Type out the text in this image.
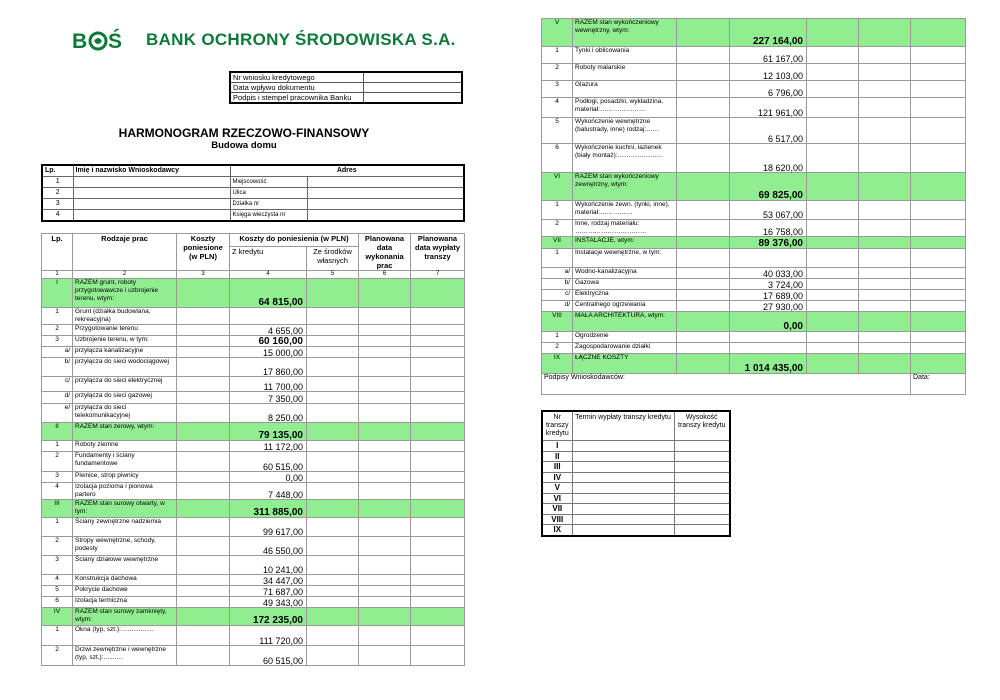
B Ś BANK OCHRONY ŚRODOWISKA S.A.
Nr wniosku kredytowego	
Data wpływu dokumentu	
Podpis i stempel pracownika Banku	
HARMONOGRAM RZECZOWO-FINANSOWY
Budowa domu
Lp.	Imię i nazwisko Wnioskodawcy	Adres	
1		Miejscowość	
2		Ulica	
3		Działka nr	
4		Księga wieczysta nr	
Lp.	Rodzaje prac	Koszty poniesione (w PLN)	Koszty do poniesienia (w PLN)		Planowana data wykonania prac	Planowana data wypłaty transzy
			Z kredytu	Ze środków własnych		
1	2	3	4	5	6	7
I	RAZEM grunt, roboty przygotowawcze i uzbrojenie terenu, wtym:		64 815,00			
1	Grunt (działka budowlana, rekreacyjna)					
2	Przygotowanie terenu		4 655,00			
3	Uzbrojenie terenu, w tym:		60 160,00			
a/	przyłącza kanalizacyjne		15 000,00			
b/	przyłącza do sieci wodociągowej		17 860,00			
c/	przyłącza do sieci elektrycznej		11 700,00			
d/	przyłącza do sieci gazowej		7 350,00			
e/	przyłącza do sieci telekomunikacyjnej		8 250,00			
II	RAZEM stan zerowy, wtym:		79 135,00			
1	Roboty ziemne		11 172,00			
2	Fundamenty i ściany fundamentowe		60 515,00			
3	Piwnice, strop piwnicy		0,00			
4	Izolacja pozioma i pionowa partero		7 448,00			
III	RAZEM stan surowy otwarty, w tym:		311 885,00			
1	Ściany zewnętrzne nadziemia		99 617,00			
2	Stropy wewnętrzne, schody, podesty		46 550,00			
3	Ściany działowe wewnętrzne		10 241,00			
4	Konstrukcja dachowa		34 447,00			
5	Pokrycie dachowe		71 687,00			
6	Izolacja termiczna		49 343,00			
IV	RAZEM stan surowy zamknięty, wtym:		172 235,00			
1	Okna (typ, szt.):……………		111 720,00			
2	Drzwi zewnętrzne i wewnętrzne (typ, szt.):………		60 515,00			
V	RAZEM stan wykończeniowy wewnętrzny, wtym:		227 164,00			
1	Tynki i oblicowania		61 167,00			
2	Roboty malarskie		12 103,00			
3	Glazura		6 796,00			
4	Podłogi, posadzki, wykładzina, materiał:…………………		121 961,00			
5	Wykończenie wewnętrzne (balustrady, inne) rodzaj:……		6 517,00			
6	Wykończenie kuchni, łazienek (biały montaż):…………………		18 620,00			
VI	RAZEM stan wykończeniowy zewnętrzny, wtym:		69 825,00			
1	Wykończenie zewn. (tynki, inne), materiał:……………		53 067,00			
2	Inne, rodzaj materiału: ……………………………		16 758,00			
VII	INSTALACJE, wtym:		89 376,00			
1	Instalacje wewnętrzne, w tym:					
a/	Wodno-kanalizacyjna		40 033,00			
b/	Gazowa		3 724,00			
c/	Elektryczna		17 689,00			
d/	Centralnego ogrzewania		27 930,00			
VIII	MAŁA ARCHITEKTURA, wtym:		0,00			
1	Ogrodzenie					
2	Zagospodarowanie działki					
IX	ŁĄCZNE KOSZTY		1 014 435,00			
Podpisy Wnioskodawców:						Data:
Nr transzy kredytu	Termin wypłaty transzy kredytu	Wysokość transzy kredytu
I		
II		
III		
IV		
V		
VI		
VII		
VIII		
IX		
